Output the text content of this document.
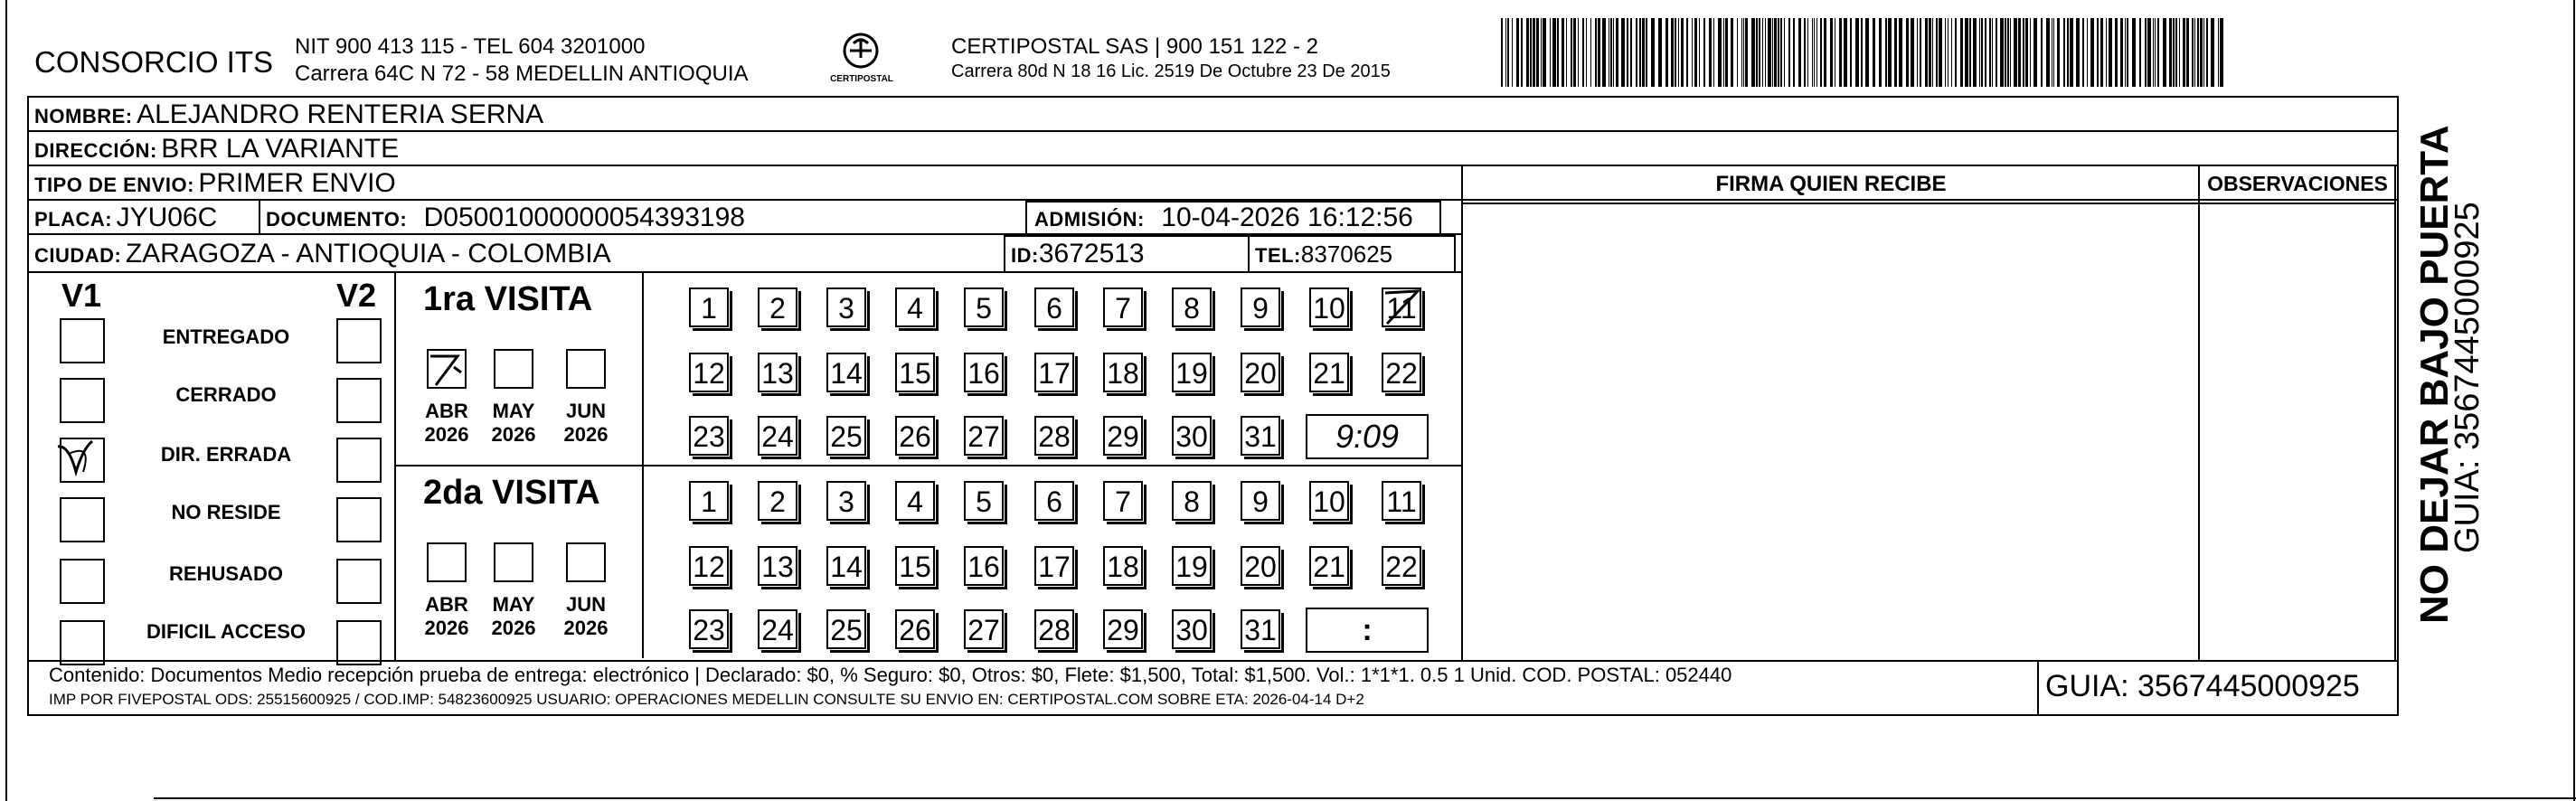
CONSORCIO ITS NIT 900 413 115 - TEL 604 3201000
Carrera 64C N 72 - 58 MEDELLIN ANTIOQUIA	CERTIPOSTAL
CERTIPOSTAL SAS | 900 151 122 - 2
Carrera 80d N 18 16 Lic. 2519 De Octubre 23 De 2015
NOMBRE: ALEJANDRO RENTERIA SERNA
DIRECCIÓN: BRR LA VARIANTE
TIPO DE ENVIO: PRIMER ENVIO
PLACA: JYU06C DOCUMENTO: D05001000000054393198	ADMISIÓN: 10-04-2026 16:12:56
CIUDAD: ZARAGOZA - ANTIOQUIA - COLOMBIA	ID:3672513	TEL:8370625
FIRMA QUIEN RECIBE	OBSERVACIONES
V1	V2
ENTREGADO
CERRADO
DIR. ERRADA
NO RESIDE
REHUSADO
DIFICIL ACCESO
1ra VISITA
ABR
2026
MAY
2026
JUN
2026
1	2	3	4	5	6	7	8	9	10 11
12 13 14 15 16 17 18 19 20 21 22
23 24 25 26 27 28 29 30 31	9:09
2da VISITA
ABR
2026
MAY
2026
JUN
2026
1	2	3	4	5	6	7	8	9	10 11
12 13 14 15 16 17 18 19 20 21 22
23 24 25 26 27 28 29 30 31	:
Contenido: Documentos Medio recepción prueba de entrega: electrónico | Declarado: $0, % Seguro: $0, Otros: $0, Flete: $1,500, Total: $1,500. Vol.: 1*1*1. 0.5 1 Unid. COD. POSTAL: 052440
IMP POR FIVEPOSTAL ODS: 25515600925 / COD.IMP: 54823600925 USUARIO: OPERACIONES MEDELLIN CONSULTE SU ENVIO EN: CERTIPOSTAL.COM SOBRE ETA: 2026-04-14 D+2	GUIA: 3567445000925
NO DEJAR BAJO PUERTA
GUIA: 3567445000925
